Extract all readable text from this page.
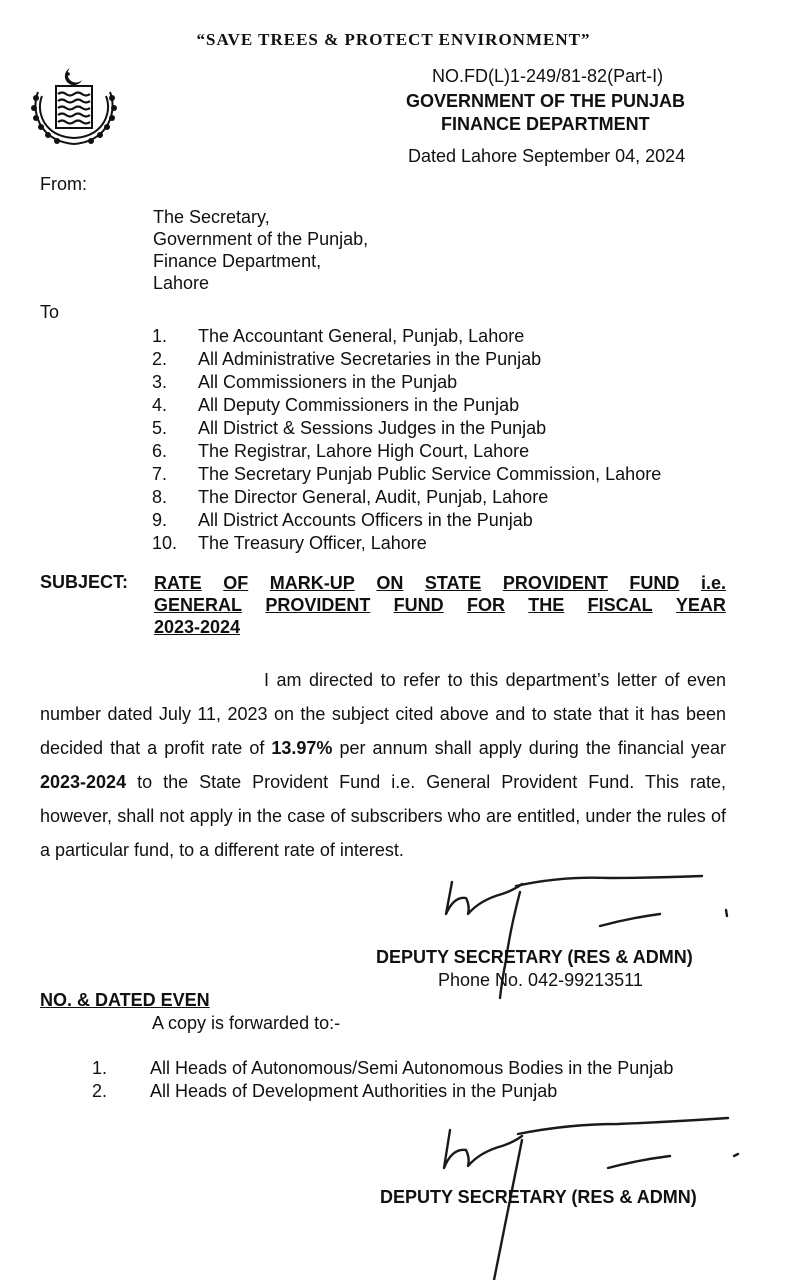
“SAVE TREES & PROTECT ENVIRONMENT”
NO.FD(L)1-249/81-82(Part-I)
GOVERNMENT OF THE PUNJAB
FINANCE DEPARTMENT
Dated Lahore September 04, 2024
From:
The Secretary,
Government of the Punjab,
Finance Department,
Lahore
To
1. The Accountant General, Punjab, Lahore
2. All Administrative Secretaries in the Punjab
3. All Commissioners in the Punjab
4. All Deputy Commissioners in the Punjab
5. All District & Sessions Judges in the Punjab
6. The Registrar, Lahore High Court, Lahore
7. The Secretary Punjab Public Service Commission, Lahore
8. The Director General, Audit, Punjab, Lahore
9. All District Accounts Officers in the Punjab
10. The Treasury Officer, Lahore
SUBJECT: RATE OF MARK-UP ON STATE PROVIDENT FUND i.e.
GENERAL PROVIDENT FUND FOR THE FISCAL YEAR
2023-2024
I am directed to refer to this department’s letter of even number dated July 11, 2023 on the subject cited above and to state that it has been decided that a profit rate of 13.97% per annum shall apply during the financial year 2023-2024 to the State Provident Fund i.e. General Provident Fund. This rate, however, shall not apply in the case of subscribers who are entitled, under the rules of a particular fund, to a different rate of interest.
DEPUTY SECRETARY (RES & ADMN)
Phone No. 042-99213511
NO. & DATED EVEN
A copy is forwarded to:-
1. All Heads of Autonomous/Semi Autonomous Bodies in the Punjab
2. All Heads of Development Authorities in the Punjab
DEPUTY SECRETARY (RES & ADMN)
